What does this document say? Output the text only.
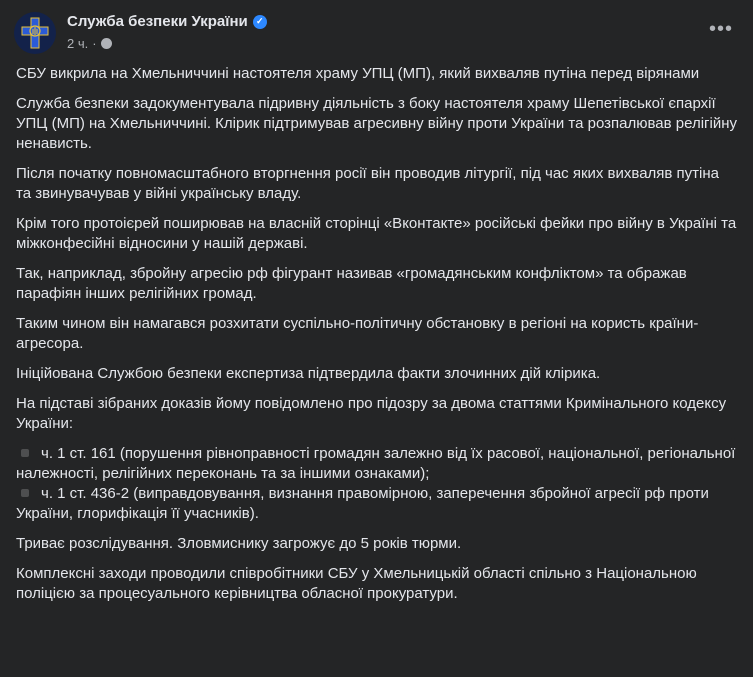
Служба безпеки України ✓
2 ч. ·
•••

СБУ викрила на Хмельниччині настоятеля храму УПЦ (МП), який вихваляв путіна перед вірянами

Служба безпеки задокументувала підривну діяльність з боку настоятеля храму Шепетівської єпархії УПЦ (МП) на Хмельниччині. Клірик підтримував агресивну війну проти України та розпалював релігійну ненависть.

Після початку повномасштабного вторгнення росії він проводив літургії, під час яких вихваляв путіна та звинувачував у війні українську владу.

Крім того протоієрей поширював на власній сторінці «Вконтакте» російські фейки про війну в Україні та міжконфесійні відносини у нашій державі.

Так, наприклад, збройну агресію рф фігурант називав «громадянським конфліктом» та ображав парафіян інших релігійних громад.

Таким чином він намагався розхитати суспільно-політичну обстановку в регіоні на користь країни-агресора.

Ініційована Службою безпеки експертиза підтвердила факти злочинних дій клірика.

На підставі зібраних доказів йому повідомлено про підозру за двома статтями Кримінального кодексу України:

ч. 1 ст. 161 (порушення рівноправності громадян залежно від їх расової, національної, регіональної належності, релігійних переконань та за іншими ознаками);
ч. 1 ст. 436-2 (виправдовування, визнання правомірною, заперечення збройної агресії рф проти України, глорифікація її учасників).

Триває розслідування. Зловмиснику загрожує до 5 років тюрми.

Комплексні заходи проводили співробітники СБУ у Хмельницькій області спільно з Національною поліцією за процесуального керівництва обласної прокуратури.
